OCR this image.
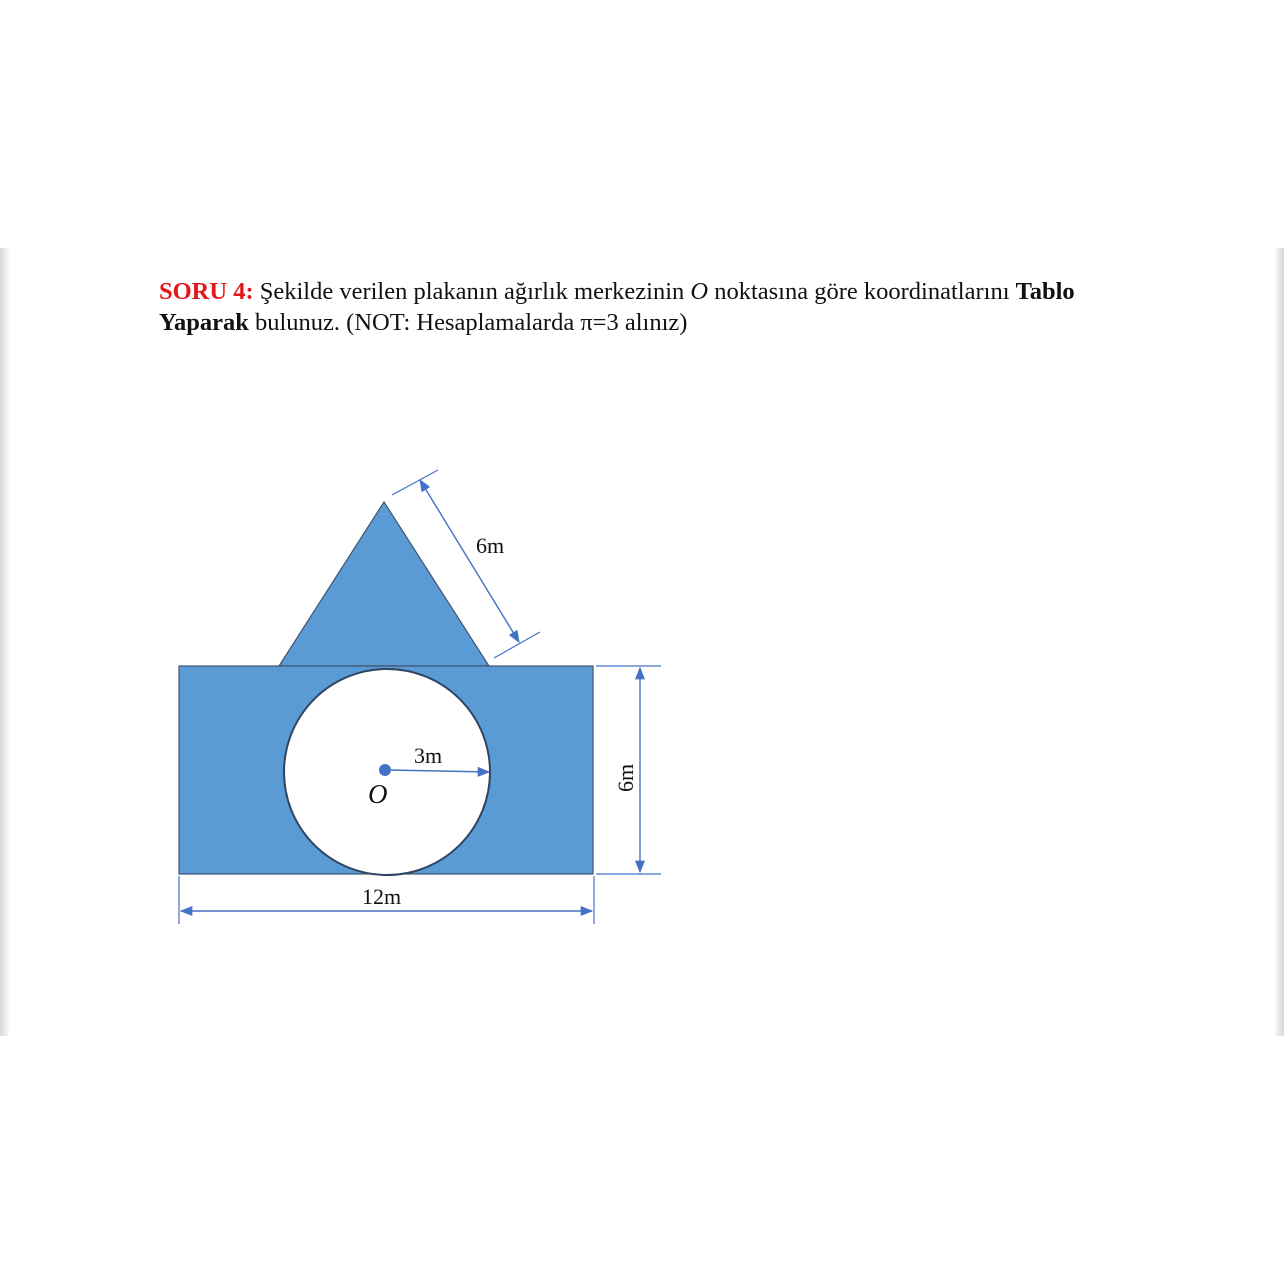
SORU 4: Şekilde verilen plakanın ağırlık merkezinin O noktasına göre koordinatlarını Tablo
Yaparak bulunuz. (NOT: Hesaplamalarda π=3 alınız)
6m
3m
O
6m
12m
